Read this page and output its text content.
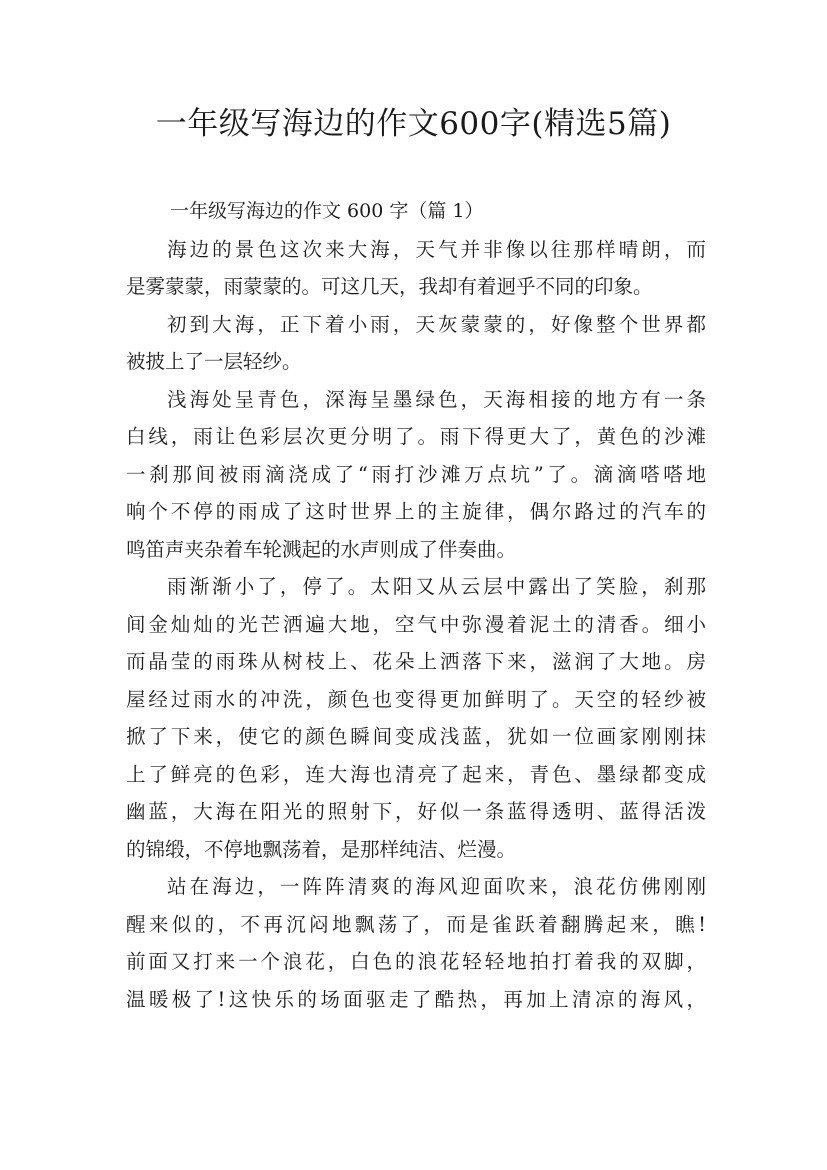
一年级写海边的作文600字(精选5篇)

一年级写海边的作文 600 字（篇 1）

海边的景色这次来大海，天气并非像以往那样晴朗，而
是雾蒙蒙，雨蒙蒙的。可这几天，我却有着迥乎不同的印象。
初到大海，正下着小雨，天灰蒙蒙的，好像整个世界都
被披上了一层轻纱。
浅海处呈青色，深海呈墨绿色，天海相接的地方有一条
白线，雨让色彩层次更分明了。雨下得更大了，黄色的沙滩
一刹那间被雨滴浇成了“雨打沙滩万点坑”了。滴滴嗒嗒地
响个不停的雨成了这时世界上的主旋律，偶尔路过的汽车的
鸣笛声夹杂着车轮溅起的水声则成了伴奏曲。
雨渐渐小了，停了。太阳又从云层中露出了笑脸，刹那
间金灿灿的光芒洒遍大地，空气中弥漫着泥土的清香。细小
而晶莹的雨珠从树枝上、花朵上洒落下来，滋润了大地。房
屋经过雨水的冲洗，颜色也变得更加鲜明了。天空的轻纱被
掀了下来，使它的颜色瞬间变成浅蓝，犹如一位画家刚刚抹
上了鲜亮的色彩，连大海也清亮了起来，青色、墨绿都变成
幽蓝，大海在阳光的照射下，好似一条蓝得透明、蓝得活泼
的锦缎，不停地飘荡着，是那样纯洁、烂漫。
站在海边，一阵阵清爽的海风迎面吹来，浪花仿佛刚刚
醒来似的，不再沉闷地飘荡了，而是雀跃着翻腾起来，瞧!
前面又打来一个浪花，白色的浪花轻轻地拍打着我的双脚，
温暖极了!这快乐的场面驱走了酷热，再加上清凉的海风，
